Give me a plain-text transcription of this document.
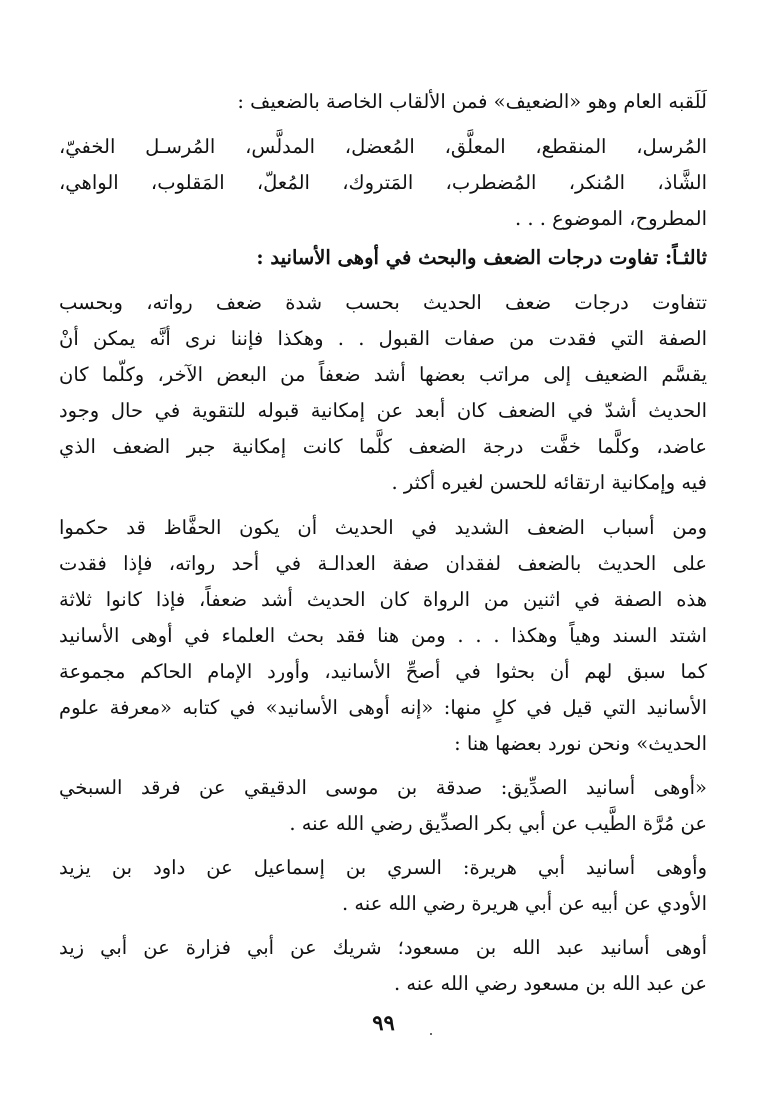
لَلَقبه العام وهو «الضعيف» فمن الألقاب الخاصة بالضعيف :
المُرسل، المنقطع، المعلَّق، المُعضل، المدلَّس، المُرسـل الخفيّ،
الشَّاذ، المُنكر، المُضطرب، المَتروك، المُعلّ، المَقلوب، الواهي،
المطروح، الموضوع . . .
ثالثـاً: تفاوت درجات الضعف والبحث في أوهى الأسانيد :
تتفاوت درجات ضعف الحديث بحسب شدة ضعف رواته، وبحسب
الصفة التي فقدت من صفات القبول . . وهكذا فإننا نرى أنَّه يمكن أنْ
يقسَّم الضعيف إلى مراتب بعضها أشد ضعفاً من البعض الآخر، وكلّما كان
الحديث أشدّ في الضعف كان أبعد عن إمكانية قبوله للتقوية في حال وجود
عاضد، وكلَّما خفَّت درجة الضعف كلَّما كانت إمكانية جبر الضعف الذي
فيه وإمكانية ارتقائه للحسن لغيره أكثر .
ومن أسباب الضعف الشديد في الحديث أن يكون الحفَّاظ قد حكموا
على الحديث بالضعف لفقدان صفة العدالـة في أحد رواته، فإذا فقدت
هذه الصفة في اثنين من الرواة كان الحديث أشد ضعفاً، فإذا كانوا ثلاثة
اشتد السند وهياً وهكذا . . . ومن هنا فقد بحث العلماء في أوهى الأسانيد
كما سبق لهم أن بحثوا في أصحِّ الأسانيد، وأورد الإمام الحاكم مجموعة
الأسانيد التي قيل في كلٍ منها: «إنه أوهى الأسانيد» في كتابه «معرفة علوم
الحديث» ونحن نورد بعضها هنا :
«أوهى أسانيد الصدِّيق: صدقة بن موسى الدقيقي عن فرقد السبخي
عن مُرَّة الطَّيب عن أبي بكر الصدِّيق رضي الله عنه .
وأوهى أسانيد أبي هريرة: السري بن إسماعيل عن داود بن يزيد
الأودي عن أبيه عن أبي هريرة رضي الله عنه .
أوهى أسانيد عبد الله بن مسعود؛ شريك عن أبي فزارة عن أبي زيد
عن عبد الله بن مسعود رضي الله عنه .
٩٩
